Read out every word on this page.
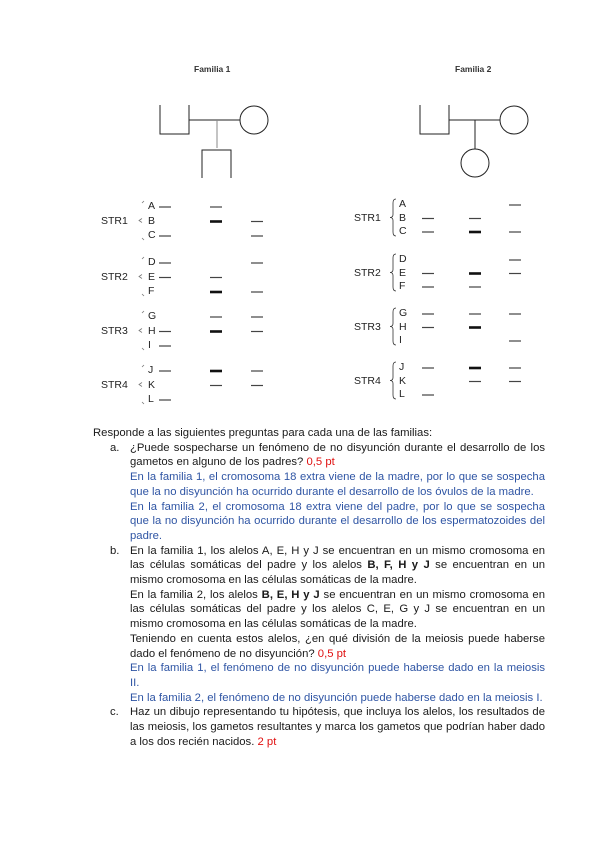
Familia 1	Familia 2
STR1
A
B
C
STR2
D
E
F
STR3
G
H
I
STR4
J
K
L
STR1
A
B
C
STR2
D
E
F
STR3
G
H
I
STR4
J
K
L
Responde a las siguientes preguntas para cada una de las familias:
a. ¿Puede sospecharse un fenómeno de no disyunción durante el desarrollo de los gametos en alguno de los padres? 0,5 pt
En la familia 1, el cromosoma 18 extra viene de la madre, por lo que se sospecha que la no disyunción ha ocurrido durante el desarrollo de los óvulos de la madre.
En la familia 2, el cromosoma 18 extra viene del padre, por lo que se sospecha que la no disyunción ha ocurrido durante el desarrollo de los espermatozoides del padre.
b. En la familia 1, los alelos A, E, H y J se encuentran en un mismo cromosoma en las células somáticas del padre y los alelos B, F, H y J se encuentran en un mismo cromosoma en las células somáticas de la madre.
En la familia 2, los alelos B, E, H y J se encuentran en un mismo cromosoma en las células somáticas del padre y los alelos C, E, G y J se encuentran en un mismo cromosoma en las células somáticas de la madre.
Teniendo en cuenta estos alelos, ¿en qué división de la meiosis puede haberse dado el fenómeno de no disyunción? 0,5 pt
En la familia 1, el fenómeno de no disyunción puede haberse dado en la meiosis II.
En la familia 2, el fenómeno de no disyunción puede haberse dado en la meiosis I.
c. Haz un dibujo representando tu hipótesis, que incluya los alelos, los resultados de las meiosis, los gametos resultantes y marca los gametos que podrían haber dado a los dos recién nacidos. 2 pt
